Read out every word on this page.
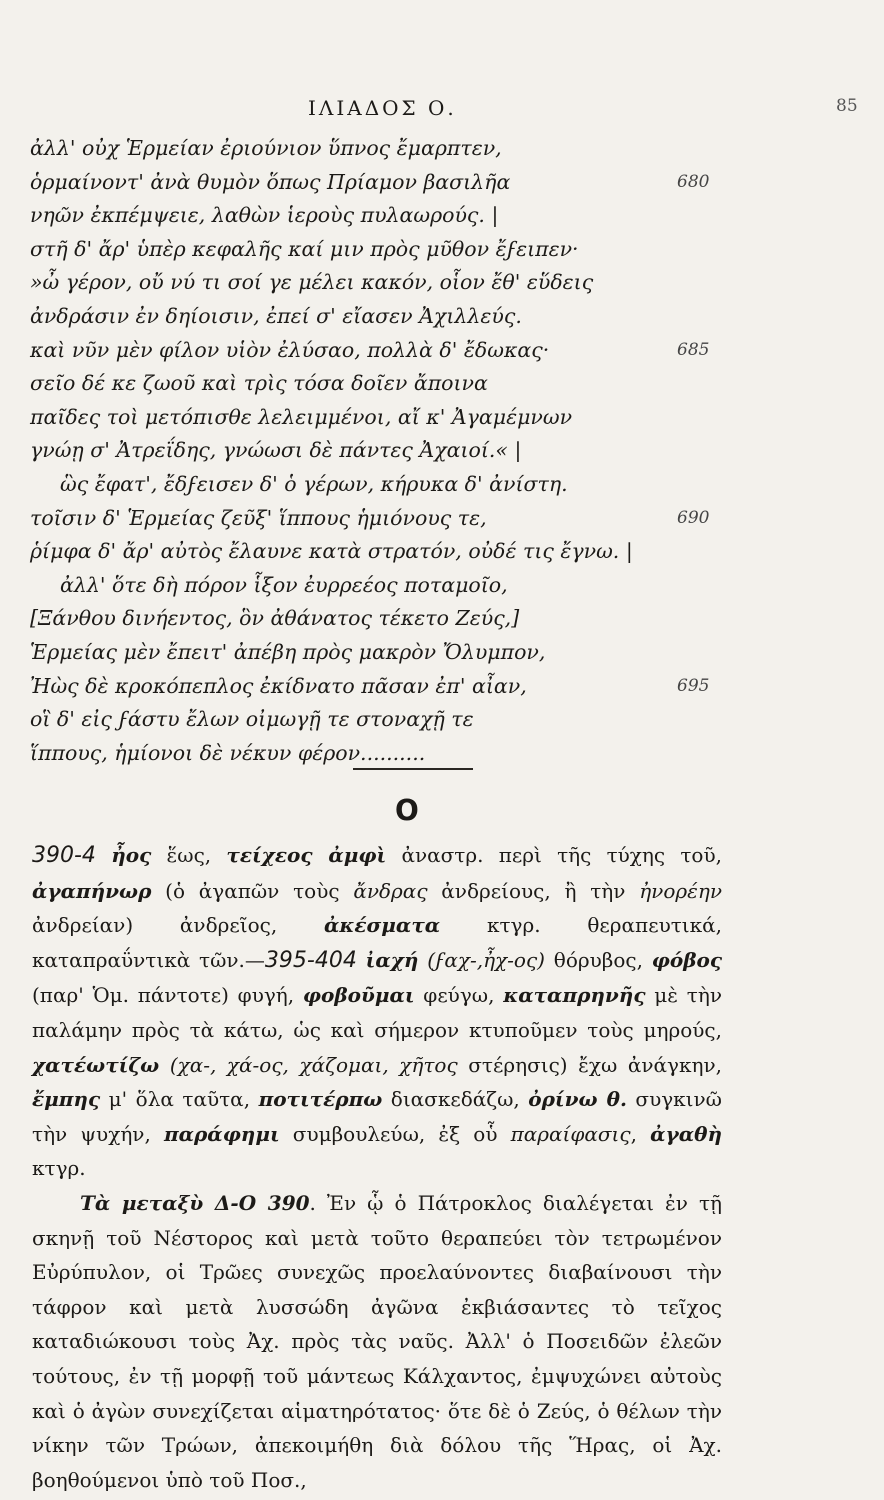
ΙΛΙΑΔΟΣ Ο.	85
ἀλλ' οὐχ Ἑρμείαν ἐριούνιον ὕπνος ἔμαρπτεν,
ὁρμαίνοντ' ἀνὰ θυμὸν ὅπως Πρίαμον βασιλῆα	680
νηῶν ἐκπέμψειε, λαθὼν ἱεροὺς πυλαωρούς. |
στῆ δ' ἄρ' ὑπὲρ κεφαλῆς καί μιν πρὸς μῦθον ἔϝειπεν·
»ὦ γέρον, οὔ νύ τι σοί γε μέλει κακόν, οἷον ἔθ' εὕδεις
ἀνδράσιν ἐν δηίοισιν, ἐπεί σ' εἴασεν Ἀχιλλεύς.
καὶ νῦν μὲν φίλον υἱὸν ἐλύσαο, πολλὰ δ' ἔδωκας·	685
σεῖο δέ κε ζωοῦ καὶ τρὶς τόσα δοῖεν ἄποινα
παῖδες τοὶ μετόπισθε λελειμμένοι, αἴ κ' Ἀγαμέμνων
γνώῃ σ' Ἀτρεΐδης, γνώωσι δὲ πάντες Ἀχαιοί.« |
ὣς ἔφατ', ἔδϝεισεν δ' ὁ γέρων, κήρυκα δ' ἀνίστη.
τοῖσιν δ' Ἑρμείας ζεῦξ' ἵππους ἡμιόνους τε,	690
ῥίμφα δ' ἄρ' αὐτὸς ἔλαυνε κατὰ στρατόν, οὐδέ τις ἔγνω. |
ἀλλ' ὅτε δὴ πόρον ἷξον ἐυρρεέος ποταμοῖο,
[Ξάνθου δινήεντος, ὃν ἀθάνατος τέκετο Ζεύς,]
Ἑρμείας μὲν ἔπειτ' ἀπέβη πρὸς μακρὸν Ὄλυμπον,
Ἠὼς δὲ κροκόπεπλος ἐκίδνατο πᾶσαν ἐπ' αἶαν,	695
οἳ δ' εἰς ϝάστυ ἔλων οἰμωγῇ τε στοναχῇ τε
ἵππους, ἡμίονοι δὲ νέκυν φέρον..........
Ο

390-4 ἦος ἕως, τείχεος ἀμφὶ ἀναστρ. περὶ τῆς τύχης τοῦ, ἀγαπήνωρ (ὁ ἀγαπῶν τοὺς ἄνδρας ἀνδρείους, ἢ τὴν ἠνορέην ἀνδρείαν) ἀνδρεῖος, ἀκέσματα κτγρ. θεραπευτικά, καταπραΰντικὰ τῶν.—395-404 ἰαχή (ϝαχ-,ἦχ-ος) θόρυβος, φόβος (παρ' Ὁμ. πάντοτε) φυγή, φοβοῦμαι φεύγω, καταπρηνῆς μὲ τὴν παλάμην πρὸς τὰ κάτω, ὡς καὶ σήμερον κτυποῦμεν τοὺς μηρούς, χατέωτίζω (χα-, χά-ος, χάζομαι, χῆτος στέρησις) ἔχω ἀνάγκην, ἔμπης μ' ὅλα ταῦτα, ποτιτέρπω διασκεδάζω, ὀρίνω θ. συγκινῶ τὴν ψυχήν, παράφημι συμβουλεύω, ἐξ οὗ παραίφασις, ἀγαθὴ κτγρ.

Τὰ μεταξὺ Δ-Ο 390. Ἐν ᾧ ὁ Πάτροκλος διαλέγεται ἐν τῇ σκηνῇ τοῦ Νέστορος καὶ μετὰ τοῦτο θεραπεύει τὸν τετρωμένον Εὐρύπυλον, οἱ Τρῶες συνεχῶς προελαύνοντες διαβαίνουσι τὴν τάφρον καὶ μετὰ λυσσώδη ἀγῶνα ἐκβιάσαντες τὸ τεῖχος καταδιώκουσι τοὺς Ἀχ. πρὸς τὰς ναῦς. Ἀλλ' ὁ Ποσειδῶν ἐλεῶν τούτους, ἐν τῇ μορφῇ τοῦ μάντεως Κάλχαντος, ἐμψυχώνει αὐτοὺς καὶ ὁ ἀγὼν συνεχίζεται αἱματηρότατος· ὅτε δὲ ὁ Ζεύς, ὁ θέλων τὴν νίκην τῶν Τρώων, ἀπεκοιμήθη διὰ δόλου τῆς Ἥρας, οἱ Ἀχ. βοηθούμενοι ὑπὸ τοῦ Ποσ.,
